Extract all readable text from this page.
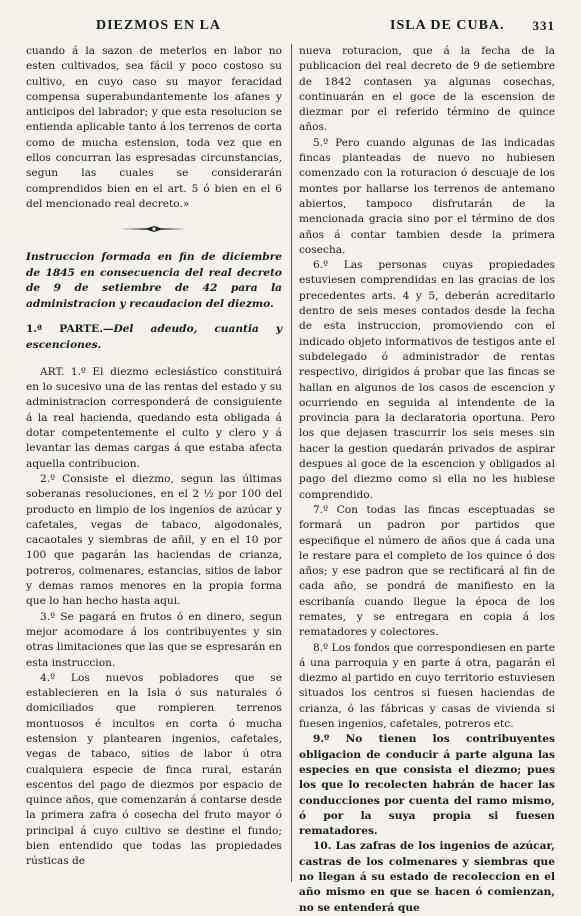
DIEZMOS EN LA	ISLA DE CUBA. 331

cuando á la sazon de meterlos en labor no esten cultivados, sea fácil y poco costoso su cultivo, en cuyo caso su mayor feracidad compensa superabundantemente los afanes y anticipos del labrador; y que esta resolucion se entienda aplicable tanto á los terrenos de corta como de mucha estension, toda vez que en ellos concurran las espresadas circunstancias, segun las cuales se considerarán comprendidos bien en el art. 5 ó bien en el 6 del mencionado real decreto.»

Instruccion formada en fin de diciembre de 1845 en consecuencia del real decreto de 9 de setiembre de 42 para la administracion y recaudacion del diezmo.

1.ª PARTE.—Del adeudo, cuantia y escenciones.

ART. 1.º El diezmo eclesiástico constituirá en lo sucesivo una de las rentas del estado y su administracion corresponderá de consiguiente á la real hacienda, quedando esta obligada á dotar competentemente el culto y clero y á levantar las demas cargas á que estaba afecta aquella contribucion.

2.º Consiste el diezmo, segun las últimas soberanas resoluciones, en el 2 ½ por 100 del producto en limpio de los ingenios de azúcar y cafetales, vegas de tabaco, algodonales, cacaotales y siembras de añil, y en el 10 por 100 que pagarán las haciendas de crianza, potreros, colmenares, estancias, sitios de labor y demas ramos menores en la propia forma que lo han hecho hasta aqui.

3.º Se pagará en frutos ó en dinero, segun mejor acomodare á los contribuyentes y sin otras limitaciones que las que se espresarán en esta instruccion.

4.º Los nuevos pobladores que se establecieren en la Isla ó sus naturales ó domiciliados que rompieren terrenos montuosos é incultos en corta ó mucha estension y plantearen ingenios, cafetales, vegas de tabaco, sitios de labor ú otra cualquiera especie de finca rural, estarán escentos del pago de diezmos por espacio de quince años, que comenzarán á contarse desde la primera zafra ó cosecha del fruto mayor ó principal á cuyo cultivo se destine el fundo; bien entendido que todas las propiedades rústicas de

nueva roturacion, que á la fecha de la publicacion del real decreto de 9 de setiembre de 1842 contasen ya algunas cosechas, continuarán en el goce de la escension de diezmar por el referido término de quince años.

5.º Pero cuando algunas de las indicadas fincas planteadas de nuevo no hubiesen comenzado con la roturacion ó descuaje de los montes por hallarse los terrenos de antemano abiertos, tampoco disfrutarán de la mencionada gracia sino por el término de dos años á contar tambien desde la primera cosecha.

6.º Las personas cuyas propiedades estuviesen comprendidas en las gracias de los precedentes arts. 4 y 5, deberán acreditarlo dentro de seis meses contados desde la fecha de esta instruccion, promoviendo con el indicado objeto informativos de testigos ante el subdelegado ó administrador de rentas respectivo, dirigidos á probar que las fincas se hallan en algunos de los casos de escencion y ocurriendo en seguida al intendente de la provincia para la declaratoria oportuna. Pero los que dejasen trascurrir los seis meses sin hacer la gestion quedarán privados de aspirar despues al goce de la escencion y obligados al pago del diezmo como si ella no les hubiese comprendido.

7.º Con todas las fincas esceptuadas se formará un padron por partidos que especifique el número de años que á cada una le restare para el completo de los quince ó dos años; y ese padron que se rectificará al fin de cada año, se pondrá de manifiesto en la escribanía cuando llegue la época de los remates, y se entregara en copia á los rematadores y colectores.

8.º Los fondos que correspondiesen en parte á una parroquia y en parte á otra, pagarán el diezmo al partido en cuyo territorio estuviesen situados los centros si fuesen haciendas de crianza, ó las fábricas y casas de vivienda si fuesen ingenios, cafetales, potreros etc.

9.º No tienen los contribuyentes obligacion de conducir á parte alguna las especies en que consista el diezmo; pues los que lo recolecten habrán de hacer las conducciones por cuenta del ramo mismo, ó por la suya propia si fuesen rematadores.

10. Las zafras de los ingenios de azúcar, castras de los colmenares y siembras que no llegan á su estado de recoleccion en el año mismo en que se hacen ó comienzan, no se entenderá que
